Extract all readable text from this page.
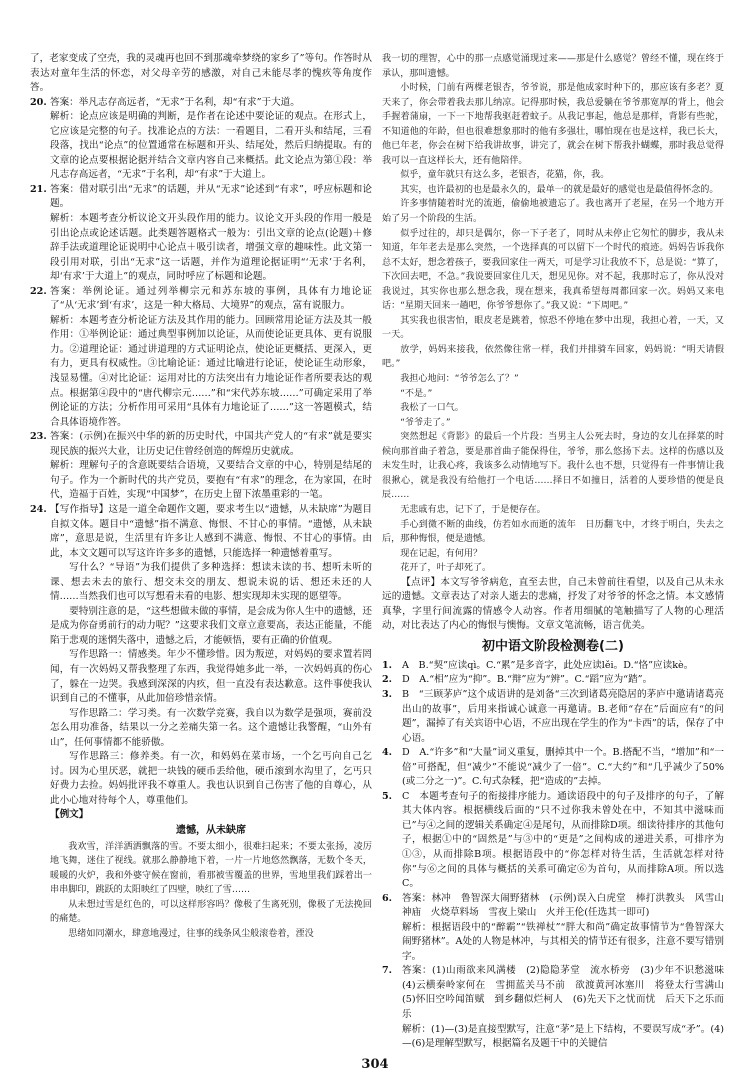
了，老家变成了空壳，我的灵魂再也回不到那魂牵梦绕的家乡了”等句。作答时从表达对童年生活的怀恋，对父母辛劳的感激，对自己未能尽孝的愧疚等角度作答。

20. 答案：举凡志存高远者，“无求”于名利，却“有求”于大道。

解析：论点应该是明确的判断，是作者在论述中要论证的观点。在形式上，它应该是完整的句子。找准论点的方法：一看题目，二看开头和结尾，三看段落，找出“论点”的位置通常在标题和开头、结尾处，然后归纳提取。有的文章的论点要根据论据并结合文章内容自己来概括。此文论点为第①段：举凡志存高远者，“无求”于名利，却“有求”于大道上。

21. 答案：借对联引出“无求”的话题，并从“无求”论述到“有求”，呼应标题和论题。

解析：本题考查分析议论文开头段作用的能力。议论文开头段的作用一般是引出论点或论述话题。此类题答题格式一般为：引出文章的论点(论题)＋修辞手法或道理论证说明中心论点＋吸引读者，增强文章的趣味性。此文第一段引用对联，引出“无求”这一话题，并作为道理论据证明“‘无求’于名利，却‘有求’于大道上”的观点，同时呼应了标题和论题。

22. 答案：举例论证。通过列举柳宗元和苏东坡的事例，具体有力地论证了“从‘无求’到‘有求’，这是一种大格局、大境界”的观点，富有说服力。

解析：本题考查分析论证方法及其作用的能力。回顾常用论证方法及其一般作用：①举例论证：通过典型事例加以论证，从而使论证更具体、更有说服力。②道理论证：通过讲道理的方式证明论点，使论证更概括、更深入，更有力，更具有权威性。③比喻论证：通过比喻进行论证，使论证生动形象，浅显易懂。④对比论证：运用对比的方法突出有力地论证作者所要表达的观点。根据第④段中的“唐代柳宗元……”和“宋代苏东坡……”可确定采用了举例论证的方法；分析作用可采用“具体有力地论证了……”这一答题模式，结合具体语境作答。

23. 答案：(示例)在振兴中华的新的历史时代，中国共产党人的“有求”就是要实现民族的振兴大业，让历史记住曾经创造的辉煌历史就成。

解析：理解句子的含意既要结合语境，又要结合文章的中心，特别是结尾的句子。作为一个新时代的共产党员，要抱有“有求”的理念，在为家国，在时代，造福于百姓，实现“中国梦”，在历史上留下浓墨重彩的一笔。

24. 【写作指导】这是一道全命题作文题，要求考生以“遗憾，从未缺席”为题目自拟文体。题目中“遗憾”指不满意、悔恨、不甘心的事情。“遗憾，从未缺席”，意思是说，生活里有许多让人感到不满意、悔恨、不甘心的事情。由此，本文文题可以写这许许多多的遗憾，只能选择一种遗憾着重写。

写什么？“导语”为我们提供了多种选择：想读未读的书、想听未听的课、想去未去的旅行、想交未交的朋友、想说未说的话、想还未还的人情……当然我们也可以写想看未看的电影、想实现却未实现的愿望等。

要特别注意的是，“这些想做未做的事情，是会成为你人生中的遗憾，还是成为你奋勇前行的动力呢？”这要求我们文章立意要高，表达正能量，不能陷于悲观的迷惘失落中，遗憾之后，才能顿悟，要有正确的价值观。

写作思路一：情感类。年少不懂珍惜。因为叛逆，对妈妈的要求置若罔闻，有一次妈妈又帮我整理了东西，我觉得她多此一举，一次妈妈真的伤心了，躲在一边哭。我感到深深的内疚，但一直没有表达歉意。这件事使我认识到自己的不懂事，从此加倍珍惜亲情。

写作思路二：学习类。有一次数学竞赛，我自以为数学是强项，赛前没怎么用功准备，结果以一分之差痛失第一名。这个遗憾让我警醒，“山外有山”，任何事情都不能骄傲。

写作思路三：修养类。有一次，和妈妈在菜市场，一个乞丐向自己乞讨。因为心里厌恶，就把一块钱的硬币丢给他，硬币滚到水沟里了，乞丐只好费力去捡。妈妈批评我不尊重人。我也认识到自己伤害了他的自尊心，从此小心地对待每个人，尊重他们。

【例文】

遗憾，从未缺席

我欢雪，洋洋洒洒飘落的雪。不要太细小，很难扫起来；不要太张扬，凌厉地飞舞，迷住了视线。就那么静静地下着，一片一片地悠然飘落，无数个冬天，暖暖的火炉，我和外婆守候在窗前，看那被雪覆盖的世界，雪地里我们踩着出一串串脚印，跳跃的太阳映红了四壁，映红了雪……

从未想过雪是红色的，可以这样形容吗？像极了生离死别，像极了无法挽回的痛楚。

思绪如同潮水，肆意地漫过，往事的线条风尘般滚卷着，湮没

我一切的理智，心中的那一点感觉涌现过来——那是什么感觉？曾经不懂，现在终于承认，那叫遗憾。

小时候，门前有两棵老银杏，爷爷说，那是他成家时种下的，那应该有多老？夏天来了，你会带着我去那儿纳凉。记得那时候，我总爱躺在爷爷那宽厚的背上，他会手握着蒲扇，一下一下地帮我驱赶着蚊子。从我记事起，他总是那样，背影有些驼，不知道他的年龄，但也很难想象那时的他有多强壮，哪怕现在也是这样，我已长大，他已年老，你会在树下给我讲故事，讲完了，就会在树下帮我扑蝴蝶，那时我总觉得我可以一直这样长大，还有他陪伴。

似乎，童年就只有这么多，老银杏，花猫，你，我。

其实，也许最初的也是最永久的，最单一的就是最好的感觉也是最值得怀念的。

许多事情随着时光的流逝，偷偷地被遗忘了。我也离开了老屋，在另一个地方开始了另一个阶段的生活。

似乎过往的，却只是偶尔，你一下子老了，同时从未停止它匆忙的脚步，我从未知道，年年老去是那么突然，一个选择真的可以留下一个时代的痕迹。妈妈告诉我你总不太好，想念着孩子，要我回家住一两天，可是学习让我放不下，总是说：“算了，下次回去吧，不急。”我说要回家住几天，想见见你。对不起，我那时忘了，你从没对我说过，其实你也那么想念我，现在想来，我真希望每周都回家一次。妈妈又来电话：“星期天回来一趟吧，你爷爷想你了。”我又说：“下周吧。”

其实我也很害怕，眼皮老是跳着，惊恐不停地在梦中出现，我担心着，一天，又一天。

放学，妈妈来接我，依然像往常一样，我们并排骑车回家，妈妈说：“明天请假吧。”

我担心地问：“爷爷怎么了？”

“不是。”

我松了一口气。

“爷爷走了。”

突然想起《背影》的最后一个片段：当男主人公死去时，身边的女儿在择菜的时候向那首曲子着急，要是那首曲子能保得住，爷爷，那么悠扬下去。这样的伤感以及未发生时，让我心疼，我该多么动情地写下。我什么也不想，只觉得有一件事情让我很揪心，就是我没有给他打一个电话……择日不如撞日，活着的人要珍惜的便是良辰……

无悲戚有忠，记下了，于是便存在。

手心到微不断的曲线，仿若如水而逝的流年　日历翻飞中，才终于明白，失去之后，那种悔恨，便是遗憾。

现在记起，有何用？

花开了，叶子却死了。

【点评】本文写爷爷病危，直至去世，自己未曾前往看望，以及自己从未永远的遗憾。文章表达了对亲人逝去的悲痛，抒发了对爷爷的怀念之情。本文感情真挚，字里行间流露的情感令人动容。作者用细腻的笔触描写了人物的心理活动，对比表达了内心的悔恨与懊悔。文章文笔流畅，语言优美。

初中语文阶段检测卷(二)
1. A　B.“契”应读qì。C.“累”是多音字，此处应读lěi。D.“恪”应读kè。

2. D　A.“相”应为“抑”。B.“辩”应为“辨”。C.“蹈”应为“踏”。

3. B　“三顾茅庐”这个成语讲的是刘备“三次到诸葛亮隐居的茅庐中邀请诸葛亮出山的故事”，后用来指诚心诚意一再邀请。B.老师“存在”后面应有“的问题”，漏掉了有关宾语中心语，不应出现在学生的作为“卡西”的话，保存了中心语。

4. D　A.“许多”和“大量”词义重复，删掉其中一个。B.搭配不当，“增加”和“一倍”可搭配，但“减少”不能说“减少了一倍”。C.“大约”和“几乎减少了50%(或二分之一)”。C.句式杂糅，把“造成的”去掉。

5. C　本题考查句子的衔接排序能力。通读语段中的句子及排序的句子，了解其大体内容。根据横线后面的“只不过你我未曾处在中，不知其中滋味而已”与④之间的逻辑关系确定④是尾句，从而排除D项。细读待排序的其他句子，根据①中的“固然是”与③中的“更是”之间构成的递进关系，可排序为①③，从而排除B项。根据语段中的“你怎样对待生活，生活就怎样对待你”与⑥之间的具体与概括的关系可确定⑥为首句，从而排除A项。所以选C。

6. 答案：林冲　鲁智深大闹野猪林　(示例)误入白虎堂　棒打洪教头　风雪山神庙　火烧草料场　雪夜上梁山　火并王伦(任选其一即可)

解析：根据语段中的“醉霸”“铁禅杖”“胖大和尚”确定故事情节为“鲁智深大闹野猪林”。A处的人物是林冲，与其相关的情节还有很多，注意不要写错别字。

7. 答案：(1)山雨欲来风满楼　(2)隐隐茅堂　流水桥旁　(3)少年不识愁滋味　(4)云横秦岭家何在　雪拥蓝关马不前　欲渡黄河冰塞川　将登太行雪满山　(5)怀旧空吟闻笛赋　到乡翻似烂柯人　(6)先天下之忧而忧　后天下之乐而乐

解析：(1)—(3)是直接型默写，注意“茅”是上下结构，不要误写成“矛”。(4)—(6)是理解型默写，根据篇名及题干中的关键信

304
